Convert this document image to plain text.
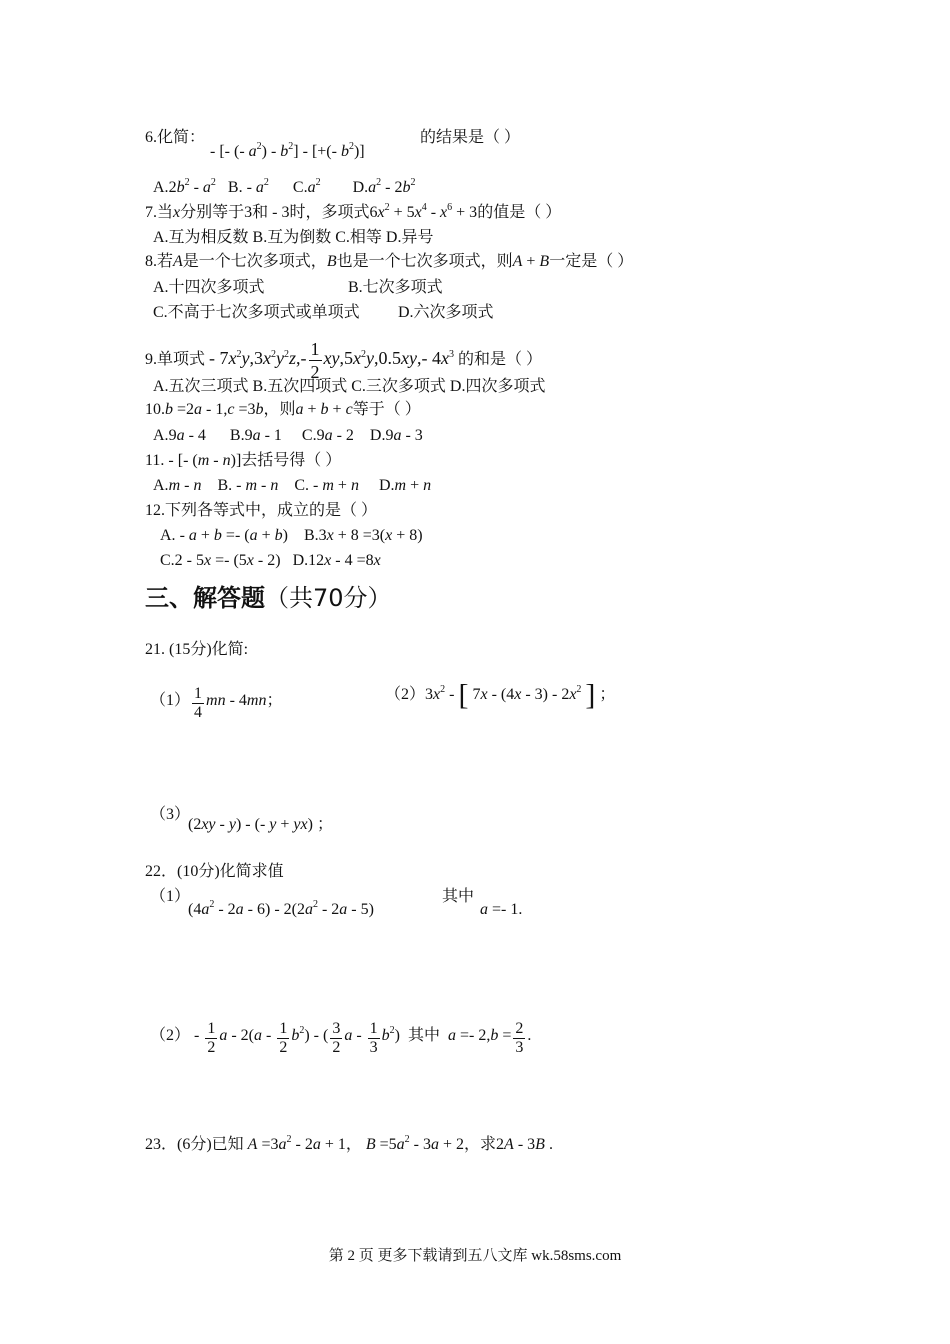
6.化简：
- [- (- $a^2) - b^2$] - [+(- $b^2$)]
的结果是（ ）
$A.2b^2 - a^2$ B. - $a^2$ $C.a^2$ $D.a^2 - 2b^2$
7.当x分别等于3和 - 3时，多项式$6x^2 + 5x^4 - x^6 + 3$的值是（ ）
A.互为相反数 B.互为倒数 C.相等 D.异号
8.若A是一个七次多项式，B也是一个七次多项式，则A + B一定是（ ）
A.十四次多项式	B.七次多项式
C.不高于七次多项式或单项式 D.六次多项式
9.单项式 - $7x^2y,3x^2y^2z,- \frac{1}{2} xy,5x^2y,0.5xy,-$ $4x^3$ 的和是（ ）
A.五次三项式 B.五次四项式 C.三次多项式 D.四次多项式
10.b =2a - 1,c =3b，则a + b + c等于（ ）
A.9a - 4      B.9a - 1     C.9a - 2    D.9a - 3
11. - [- (m - n)]去括号得（ ）
A.m - n B. - m - n C. - m + n D.m + n
12.下列各等式中，成立的是（ ）
A. - a + b =- (a + b)    B.3x + 8 =3(x + 8)
C.2 - 5x =- (5x - 2)   D.12x - 4 =8x
三、解答题（共70分）
21. (15分)化简:
$(1) \frac{1}{4}$ mn - 4mn；	$(2)3x^2$ - [ $7x - (4x - 3) - 2x^2$ ] ；
（3）
(2xy - y) - (- y + yx) ；
22．(10分)化简求值
（1）
$(4a^2 - 2a - 6) - 2(2a^2 - 2a - 5)$
其中
a =- 1.
$(2) - \frac{1}{2}$ a - $2(a - \frac{1}{2} b^2)$ - ( $\frac{3}{2}$ a - $\frac{1}{3} b^2$)  其中 $a =- 2,b = \frac{2}{3}$ .
23．(6分)已知 $A =3a^2 - 2a + 1$， $B =5a^2 - 3a + 2$，求2A - 3B .
第 2 页 更多下载请到五八文库 wk.58sms.com
